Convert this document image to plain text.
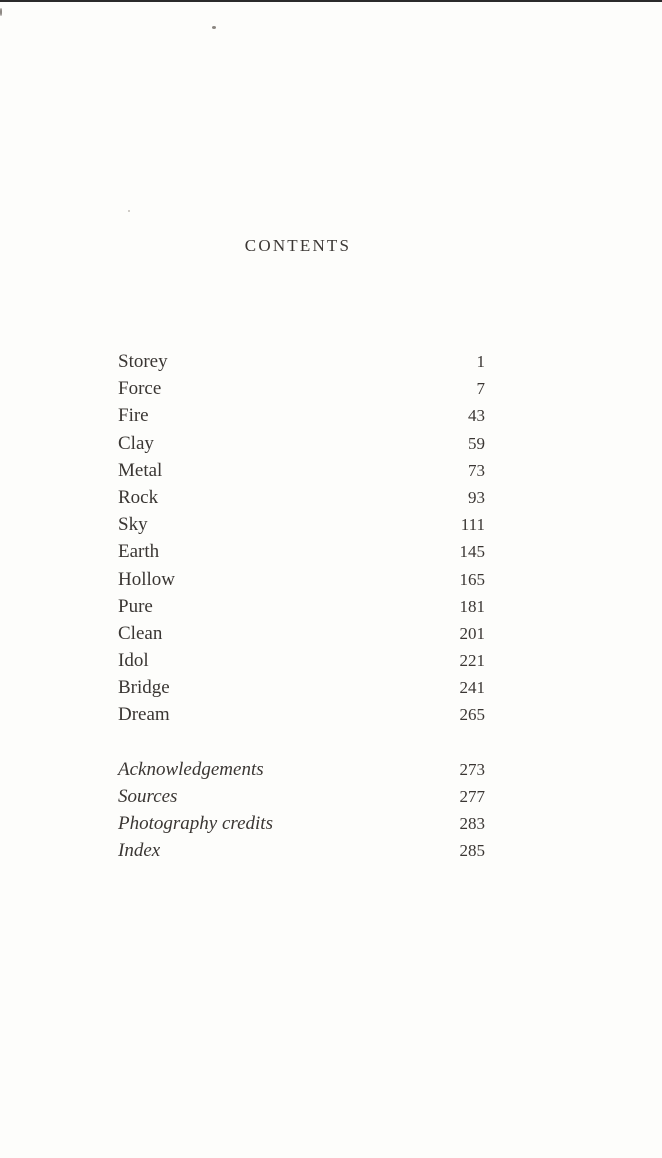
CONTENTS
Storey	1
Force	7
Fire	43
Clay	59
Metal	73
Rock	93
Sky	111
Earth	145
Hollow	165
Pure	181
Clean	201
Idol	221
Bridge	241
Dream	265
Acknowledgements	273
Sources	277
Photography credits	283
Index	285
